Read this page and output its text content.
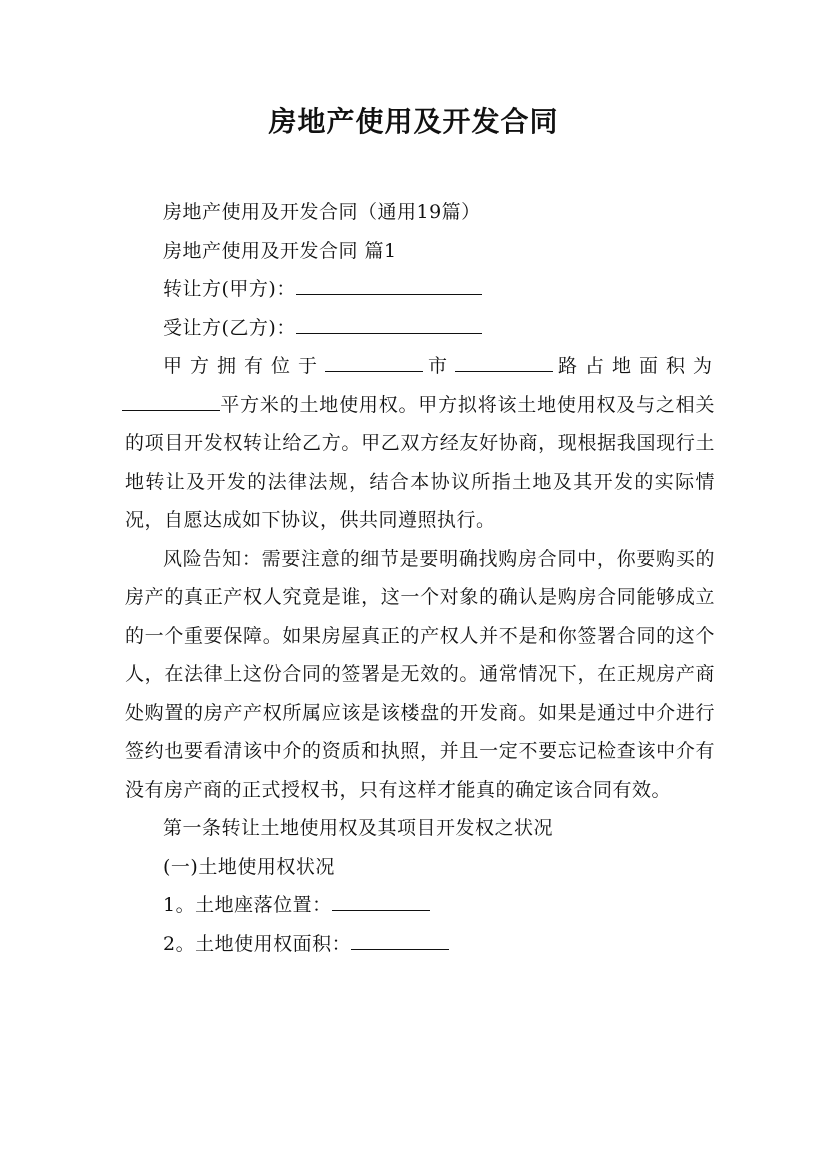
房地产使用及开发合同

房地产使用及开发合同（通用19篇）

房地产使用及开发合同 篇1

转让方(甲方)：

受让方(乙方)：

甲方拥有位于	市	路占地面积为平方米的土地使用权。甲方拟将该土地使用权及与之相关的项目开发权转让给乙方。甲乙双方经友好协商，现根据我国现行土地转让及开发的法律法规，结合本协议所指土地及其开发的实际情况，自愿达成如下协议，供共同遵照执行。

风险告知：需要注意的细节是要明确找购房合同中，你要购买的房产的真正产权人究竟是谁，这一个对象的确认是购房合同能够成立的一个重要保障。如果房屋真正的产权人并不是和你签署合同的这个人，在法律上这份合同的签署是无效的。通常情况下，在正规房产商处购置的房产产权所属应该是该楼盘的开发商。如果是通过中介进行签约也要看清该中介的资质和执照，并且一定不要忘记检查该中介有没有房产商的正式授权书，只有这样才能真的确定该合同有效。

第一条转让土地使用权及其项目开发权之状况

(一)土地使用权状况

1。土地座落位置：

2。土地使用权面积：
